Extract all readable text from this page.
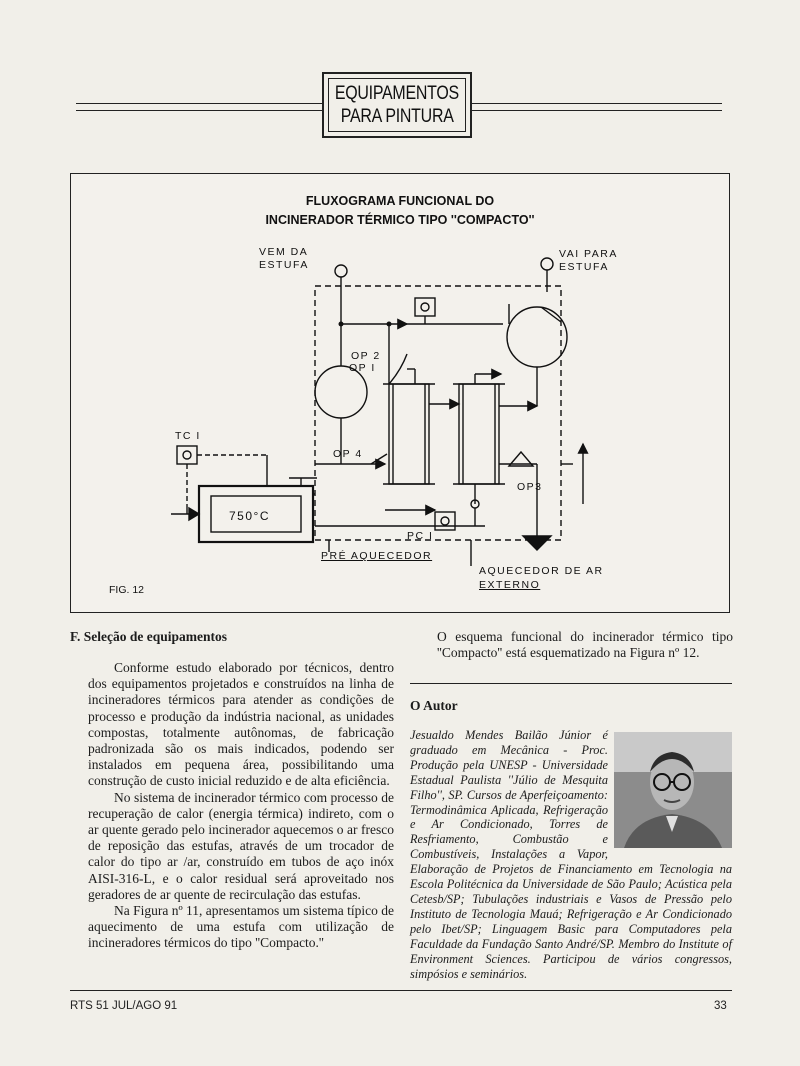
EQUIPAMENTOS
PARA PINTURA
FLUXOGRAMA FUNCIONAL DO
INCINERADOR TÉRMICO TIPO ''COMPACTO''
VEM DA
ESTUFA
VAI PARA
ESTUFA
OP I
OP 2
OP3
OP 4
TC I
PC I
750°C
PRÉ AQUECEDOR
AQUECEDOR DE AR
EXTERNO
FIG. 12
F. Seleção de equipamentos

Conforme estudo elaborado por técnicos, dentro dos equipamentos projetados e construídos na linha de incineradores térmicos para atender as condições de processo e produção da indústria nacional, as unidades compostas, totalmente autônomas, de fabricação padronizada são os mais indicados, podendo ser instalados em pequena área, possibilitando uma construção de custo inicial reduzido e de alta eficiência.

No sistema de incinerador térmico com processo de recuperação de calor (energia térmica) indireto, com o ar quente gerado pelo incinerador aquecemos o ar fresco de reposição das estufas, através de um trocador de calor do tipo ar /ar, construído em tubos de aço inóx AISI-316-L, e o calor residual será aproveitado nos geradores de ar quente de recirculação das estufas.

Na Figura nº 11, apresentamos um sistema típico de aquecimento de uma estufa com utilização de incineradores térmicos do tipo ''Compacto.''

O esquema funcional do incinerador térmico tipo ''Compacto'' está esquematizado na Figura nº 12.

O Autor
Jesualdo Mendes Bailão Júnior é graduado em Mecânica - Proc. Produção pela UNESP - Universidade Estadual Paulista ''Júlio de Mesquita Filho'', SP. Cursos de Aperfeiçoamento: Termodinâmica Aplicada, Refrigeração e Ar Condicionado, Torres de Resfriamento, Combustão e Combustíveis, Instalações a Vapor, Elaboração de Projetos de Financiamento em Tecnologia na Escola Politécnica da Universidade de São Paulo; Acústica pela Cetesb/SP; Tubulações industriais e Vasos de Pressão pelo Instituto de Tecnologia Mauá; Refrigeração e Ar Condicionado pelo Ibet/SP; Linguagem Basic para Computadores pela Faculdade da Fundação Santo André/SP. Membro do Institute of Environment Sciences. Participou de vários congressos, simpósios e seminários.
RTS 51 JUL/AGO 91	33
